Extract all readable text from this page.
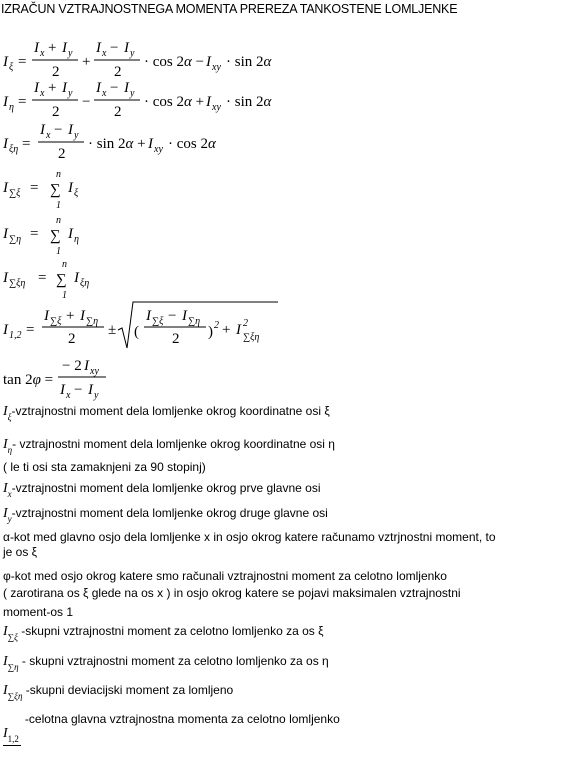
IZRAČUN VZTRAJNOSTNEGA MOMENTA PREREZA TANKOSTENE LOMLJENKE
I ξ =
I x + I y
2
+
I x − I y
2
· cos 2α − I xy · sin 2α
I η =
I x + I y
2
−
I x − I y
2
· cos 2α + I xy · sin 2α
I ξη =
I x − I y
2
· sin 2α + I xy · cos 2α
I ∑ξ =
n
∑
1
I ξ
I ∑η =
n
∑
1
I η
I ∑ξη =
n
∑
1
I ξη
I 1,2 =
I ∑ξ + I ∑η
2
± (
I ∑ξ − I ∑η
2 ) 2 + I 2
∑ξη
tan 2φ =
− 2 I xy
I x − I y
$I_\xi$-vztrajnostni moment dela lomljenke okrog koordinatne osi ξ
$I_\eta-$ vztrajnostni moment dela lomljenke okrog koordinatne osi η
( le ti osi sta zamaknjeni za 90 stopinj)
$I_x$-vztrajnostni moment dela lomljenke okrog prve glavne osi
$I_y$-vztrajnostni moment dela lomljenke okrog druge glavne osi
α-kot med glavno osjo dela lomljenke x in osjo okrog katere računamo vztrjnostni moment, to
je os ξ
φ-kot med osjo okrog katere smo računali vztrajnostni moment za celotno lomljenko
( zarotirana os ξ glede na os x ) in osjo okrog katere se pojavi maksimalen vztrajnostni
moment-os 1
$I_{\sum\xi}$ -skupni vztrajnostni moment za celotno lomljenko za os ξ
$I_{\sum\eta}$ - skupni vztrajnostni moment za celotno lomljenko za os η
$I_{\sum\xi\eta}$ -skupni deviacijski moment za lomljeno
$I_{1,2}$-celotna glavna vztrajnostna momenta za celotno lomljenko
